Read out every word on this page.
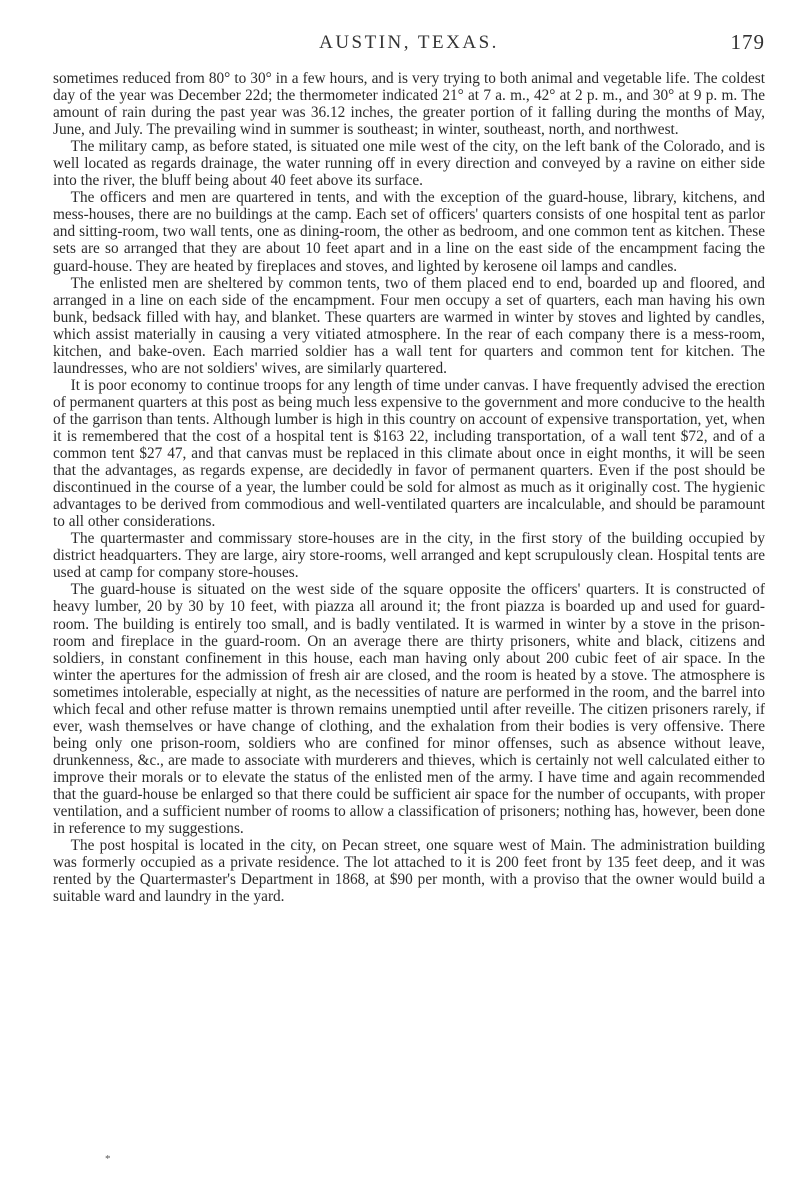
AUSTIN, TEXAS.	179

sometimes reduced from 80° to 30° in a few hours, and is very trying to both animal and vegetable life. The coldest day of the year was December 22d; the thermometer indicated 21° at 7 a. m., 42° at 2 p. m., and 30° at 9 p. m. The amount of rain during the past year was 36.12 inches, the greater portion of it falling during the months of May, June, and July. The prevailing wind in summer is southeast; in winter, southeast, north, and northwest.

The military camp, as before stated, is situated one mile west of the city, on the left bank of the Colorado, and is well located as regards drainage, the water running off in every direction and conveyed by a ravine on either side into the river, the bluff being about 40 feet above its surface.

The officers and men are quartered in tents, and with the exception of the guard-house, library, kitchens, and mess-houses, there are no buildings at the camp. Each set of officers' quarters consists of one hospital tent as parlor and sitting-room, two wall tents, one as dining-room, the other as bedroom, and one common tent as kitchen. These sets are so arranged that they are about 10 feet apart and in a line on the east side of the encampment facing the guard-house. They are heated by fireplaces and stoves, and lighted by kerosene oil lamps and candles.

The enlisted men are sheltered by common tents, two of them placed end to end, boarded up and floored, and arranged in a line on each side of the encampment. Four men occupy a set of quarters, each man having his own bunk, bedsack filled with hay, and blanket. These quarters are warmed in winter by stoves and lighted by candles, which assist materially in causing a very vitiated atmosphere. In the rear of each company there is a mess-room, kitchen, and bake-oven. Each married soldier has a wall tent for quarters and common tent for kitchen. The laundresses, who are not soldiers' wives, are similarly quartered.

It is poor economy to continue troops for any length of time under canvas. I have frequently advised the erection of permanent quarters at this post as being much less expensive to the government and more conducive to the health of the garrison than tents. Although lumber is high in this country on account of expensive transportation, yet, when it is remembered that the cost of a hospital tent is $163 22, including transportation, of a wall tent $72, and of a common tent $27 47, and that canvas must be replaced in this climate about once in eight months, it will be seen that the advantages, as regards expense, are decidedly in favor of permanent quarters. Even if the post should be discontinued in the course of a year, the lumber could be sold for almost as much as it originally cost. The hygienic advantages to be derived from commodious and well-ventilated quarters are incalculable, and should be paramount to all other considerations.

The quartermaster and commissary store-houses are in the city, in the first story of the building occupied by district headquarters. They are large, airy store-rooms, well arranged and kept scrupulously clean. Hospital tents are used at camp for company store-houses.

The guard-house is situated on the west side of the square opposite the officers' quarters. It is constructed of heavy lumber, 20 by 30 by 10 feet, with piazza all around it; the front piazza is boarded up and used for guard-room. The building is entirely too small, and is badly ventilated. It is warmed in winter by a stove in the prison-room and fireplace in the guard-room. On an average there are thirty prisoners, white and black, citizens and soldiers, in constant confinement in this house, each man having only about 200 cubic feet of air space. In the winter the apertures for the admission of fresh air are closed, and the room is heated by a stove. The atmosphere is sometimes intolerable, especially at night, as the necessities of nature are performed in the room, and the barrel into which fecal and other refuse matter is thrown remains unemptied until after reveille. The citizen prisoners rarely, if ever, wash themselves or have change of clothing, and the exhalation from their bodies is very offensive. There being only one prison-room, soldiers who are confined for minor offenses, such as absence without leave, drunkenness, &c., are made to associate with murderers and thieves, which is certainly not well calculated either to improve their morals or to elevate the status of the enlisted men of the army. I have time and again recommended that the guard-house be enlarged so that there could be sufficient air space for the number of occupants, with proper ventilation, and a sufficient number of rooms to allow a classification of prisoners; nothing has, however, been done in reference to my suggestions.

The post hospital is located in the city, on Pecan street, one square west of Main. The administration building was formerly occupied as a private residence. The lot attached to it is 200 feet front by 135 feet deep, and it was rented by the Quartermaster's Department in 1868, at $90 per month, with a proviso that the owner would build a suitable ward and laundry in the yard.

*
